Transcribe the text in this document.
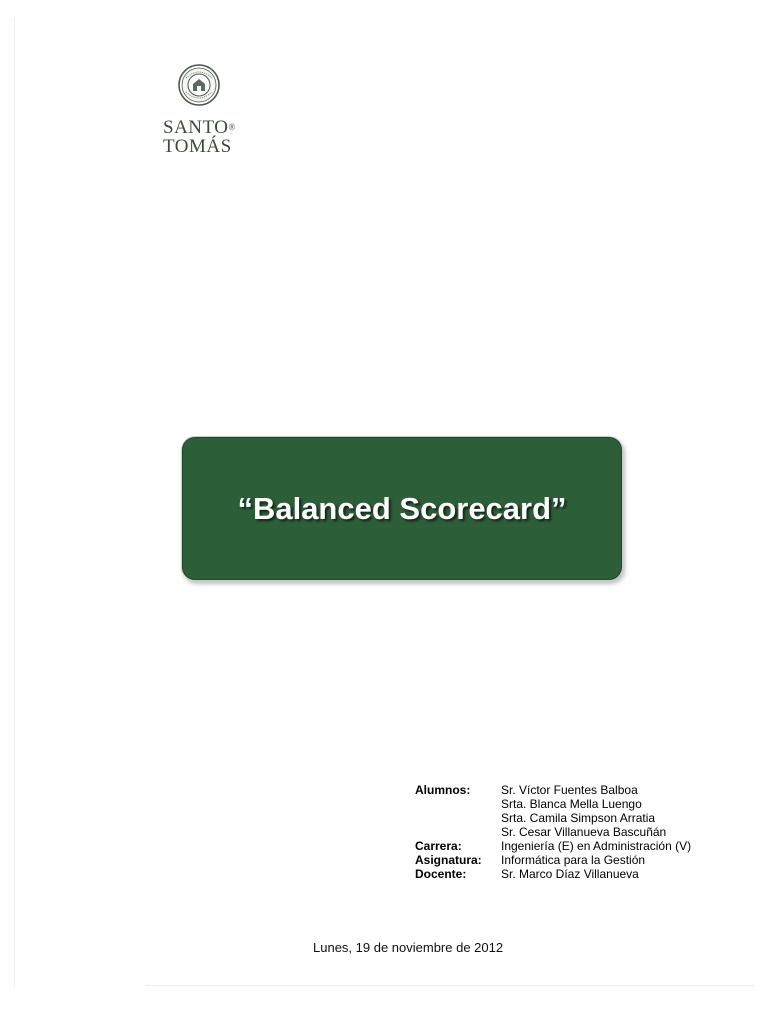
SANTO®
TOMÁS
“Balanced Scorecard”
Alumnos:	Sr. Víctor Fuentes Balboa
Srta. Blanca Mella Luengo
Srta. Camila Simpson Arratia
Sr. Cesar Villanueva Bascuñán
Carrera:	Ingeniería (E) en Administración (V)
Asignatura:	Informática para la Gestión
Docente:	Sr. Marco Díaz Villanueva
Lunes, 19 de noviembre de 2012
